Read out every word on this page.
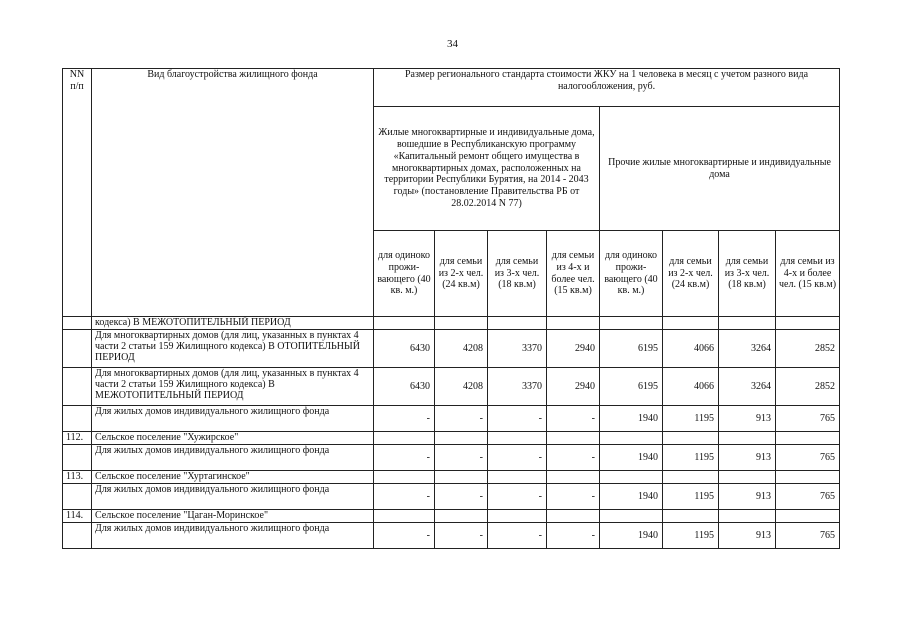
34
NN п/п	Вид благоустройства жилищного фонда	Размер регионального стандарта стоимости ЖКУ на 1 человека в месяц с учетом разного вида налогообложения, руб.							
		Жилые многоквартирные и индивидуальные дома, вошедшие в Республиканскую программу «Капитальный ремонт общего имущества в многоквартирных домах, расположенных на территории Республики Бурятия, на 2014 - 2043 годы» (постановление Правительства РБ от 28.02.2014 N 77)				Прочие жилые многоквартирные и индивидуальные дома			
		для одиноко прожи-вающего (40 кв. м.)	для семьи из 2-х чел. (24 кв.м)	для семьи из 3-х чел. (18 кв.м)	для семьи из 4-х и более чел. (15 кв.м)	для одиноко прожи-вающего (40 кв. м.)	для семьи из 2-х чел. (24 кв.м)	для семьи из 3-х чел. (18 кв.м)	для семьи из 4-х и более чел. (15 кв.м)
	кодекса) В МЕЖОТОПИТЕЛЬНЫЙ ПЕРИОД								
	Для многоквартирных домов (для лиц, указанных в пунктах 4 части 2 статьи 159 Жилищного кодекса) В ОТОПИТЕЛЬНЫЙ ПЕРИОД	6430	4208	3370	2940	6195	4066	3264	2852
	Для многоквартирных домов (для лиц, указанных в пунктах 4 части 2 статьи 159 Жилищного кодекса) В МЕЖОТОПИТЕЛЬНЫЙ ПЕРИОД	6430	4208	3370	2940	6195	4066	3264	2852
	Для жилых домов индивидуального жилищного фонда	-	-	-	-	1940	1195	913	765
112.	Сельское поселение "Хужирское"								
	Для жилых домов индивидуального жилищного фонда	-	-	-	-	1940	1195	913	765
113.	Сельское поселение "Хуртагинское"								
	Для жилых домов индивидуального жилищного фонда	-	-	-	-	1940	1195	913	765
114.	Сельское поселение "Цаган-Моринское"								
	Для жилых домов индивидуального жилищного фонда	-	-	-	-	1940	1195	913	765
